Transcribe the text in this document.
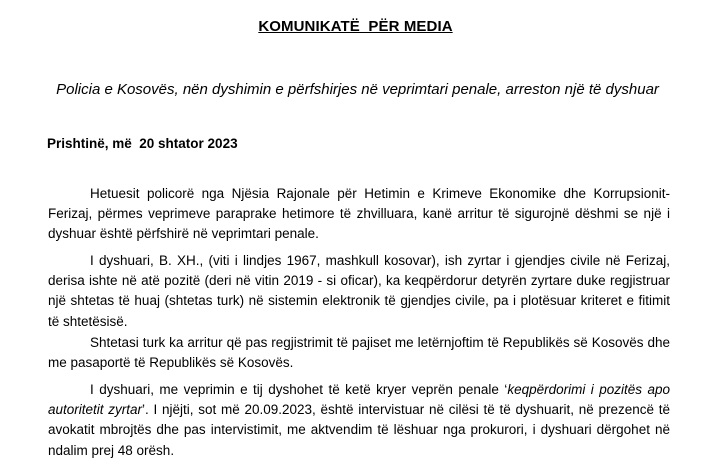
KOMUNIKATË  PËR MEDIA
Policia e Kosovës, nën dyshimin e përfshirjes në veprimtari penale, arreston një të dyshuar
Prishtinë, më  20 shtator 2023

Hetuesit policorë nga Njësia Rajonale për Hetimin e Krimeve Ekonomike dhe Korrupsionit- Ferizaj, përmes veprimeve paraprake hetimore të zhvilluara, kanë arritur të sigurojnë dëshmi se një i dyshuar është përfshirë në veprimtari penale.

I dyshuari, B. XH., (viti i lindjes 1967, mashkull kosovar), ish zyrtar i gjendjes civile në Ferizaj, derisa ishte në atë pozitë (deri në vitin 2019 - si oficar), ka keqpërdorur detyrën zyrtare duke regjistruar një shtetas të huaj (shtetas turk) në sistemin elektronik të gjendjes civile, pa i plotësuar kriteret e fitimit të shtetësisë.

Shtetasi turk ka arritur që pas regjistrimit të pajiset me letërnjoftim të Republikës së Kosovës dhe me pasaportë të Republikës së Kosovës.

I dyshuari, me veprimin e tij dyshohet të ketë kryer veprën penale ‘keqpërdorimi i pozitës apo autoritetit zyrtar’. I njëjti, sot më 20.09.2023, është intervistuar në cilësi të të dyshuarit, në prezencë të avokatit mbrojtës dhe pas intervistimit, me aktvendim të lëshuar nga prokurori, i dyshuari dërgohet në ndalim prej 48 orësh.
